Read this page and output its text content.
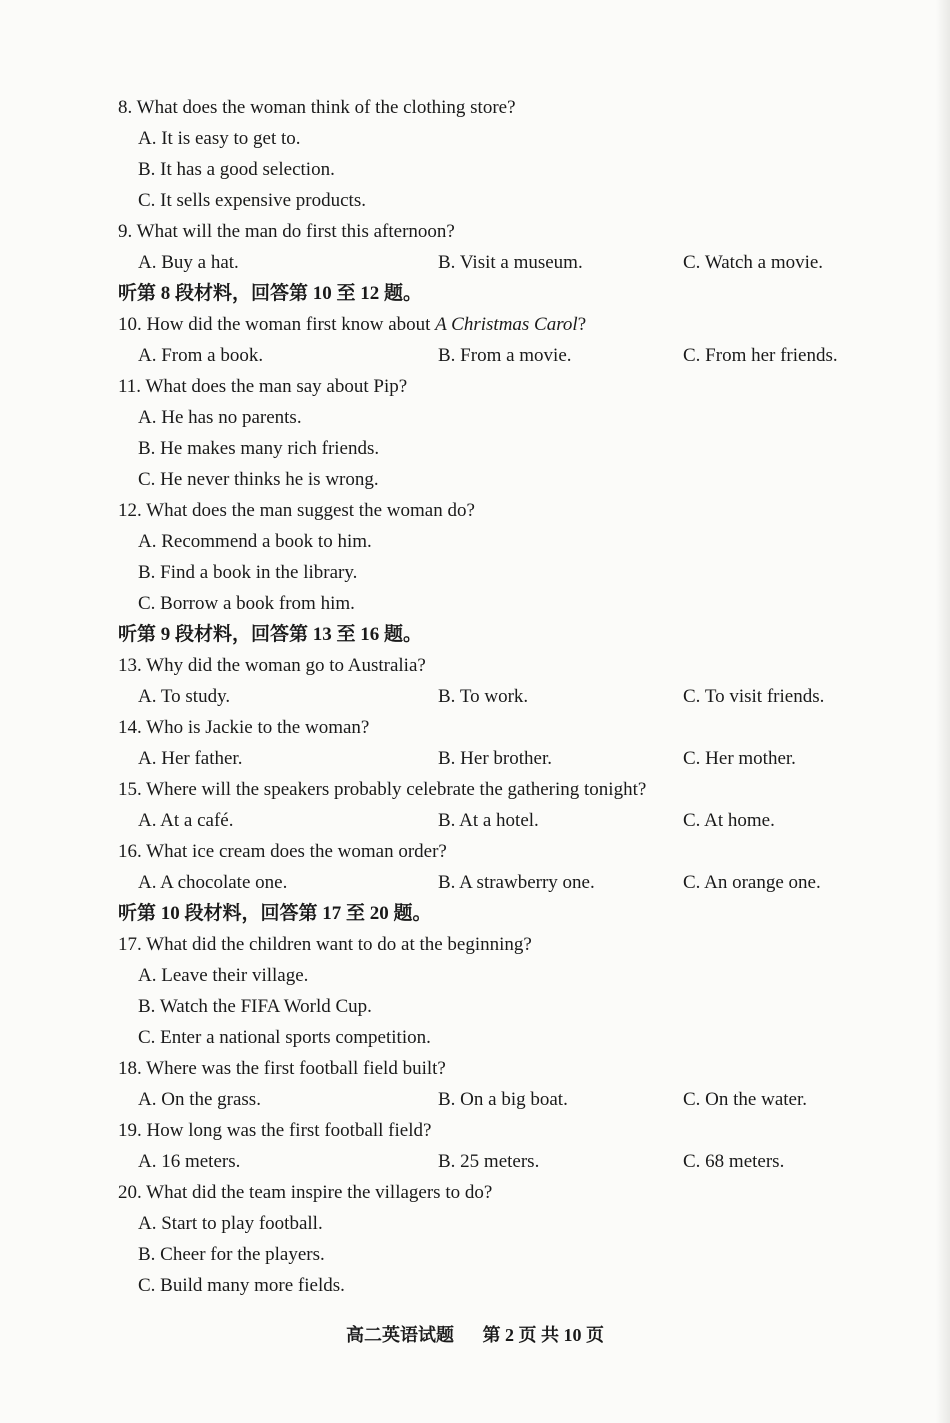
8. What does the woman think of the clothing store?
A. It is easy to get to.
B. It has a good selection.
C. It sells expensive products.
9. What will the man do first this afternoon?
A. Buy a hat.	B. Visit a museum.	C. Watch a movie.
听第 8 段材料，回答第 10 至 12 题。
10. How did the woman first know about A Christmas Carol?
A. From a book.	B. From a movie.	C. From her friends.
11. What does the man say about Pip?
A. He has no parents.
B. He makes many rich friends.
C. He never thinks he is wrong.
12. What does the man suggest the woman do?
A. Recommend a book to him.
B. Find a book in the library.
C. Borrow a book from him.
听第 9 段材料，回答第 13 至 16 题。
13. Why did the woman go to Australia?
A. To study.	B. To work.	C. To visit friends.
14. Who is Jackie to the woman?
A. Her father.	B. Her brother.	C. Her mother.
15. Where will the speakers probably celebrate the gathering tonight?
A. At a café.	B. At a hotel.	C. At home.
16. What ice cream does the woman order?
A. A chocolate one.	B. A strawberry one.	C. An orange one.
听第 10 段材料，回答第 17 至 20 题。
17. What did the children want to do at the beginning?
A. Leave their village.
B. Watch the FIFA World Cup.
C. Enter a national sports competition.
18. Where was the first football field built?
A. On the grass.	B. On a big boat.	C. On the water.
19. How long was the first football field?
A. 16 meters.	B. 25 meters.	C. 68 meters.
20. What did the team inspire the villagers to do?
A. Start to play football.
B. Cheer for the players.
C. Build many more fields.
高二英语试题 第 2 页 共 10 页
